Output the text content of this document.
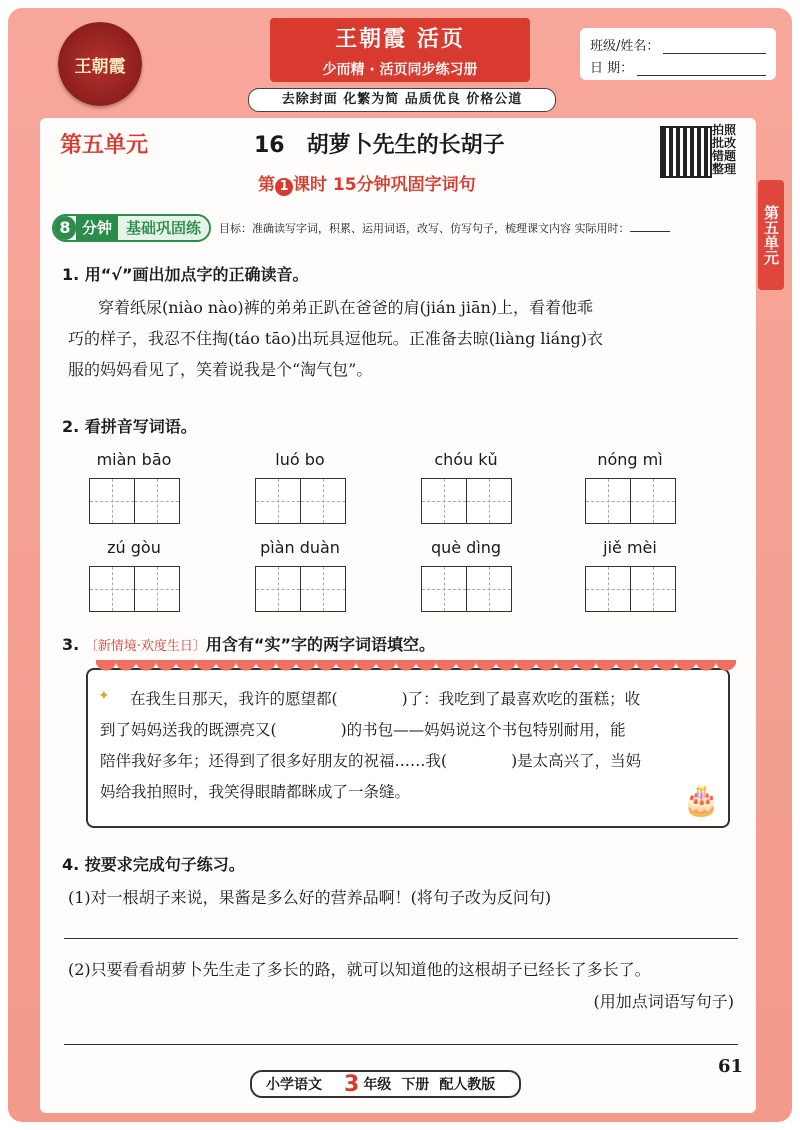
王朝霞
王朝霞 活页
少而精 · 活页同步练习册
班级/姓名：
日 期：
去除封面 化繁为简 品质优良 价格公道
第五单元
第五单元	16 胡萝卜先生的长胡子
第 1 课时 15分钟巩固字词句
拍照批改 错题整理
8 分钟 基础巩固练	目标：准确读写字词，积累、运用词语，改写、仿写句子，梳理课文内容 实际用时：
1. 用“√”画出加点字的正确读音。
穿着纸尿(niào nào)裤的弟弟正趴在爸爸的肩(jián jiān)上，看着他乖
巧的样子，我忍不住掏(táo tāo)出玩具逗他玩。正准备去晾(liàng liáng)衣
服的妈妈看见了，笑着说我是个“淘气包”。
2. 看拼音写词语。
miàn bāo	luó bo	chóu kǔ	nóng mì
zú gòu	pìàn duàn	què dìng	jiě mèi
3. 〔新情境·欢度生日〕用含有“实”字的两字词语填空。
✦	在我生日那天，我许的愿望都(	)了：我吃到了最喜欢吃的蛋糕；收
到了妈妈送我的既漂亮又(	)的书包——妈妈说这个书包特别耐用，能
陪伴我好多年；还得到了很多好朋友的祝福……我(	)是太高兴了，当妈
妈给我拍照时，我笑得眼睛都眯成了一条缝。	🎂
4. 按要求完成句子练习。
(1)对一根胡子来说，果酱是多么好的营养品啊！(将句子改为反问句)
(2)只要看看胡萝卜先生走了多长的路，就可以知道他的这根胡子已经长了多长了。
(用加点词语写句子)
小学语文 3 年级 下册 配人教版
61
